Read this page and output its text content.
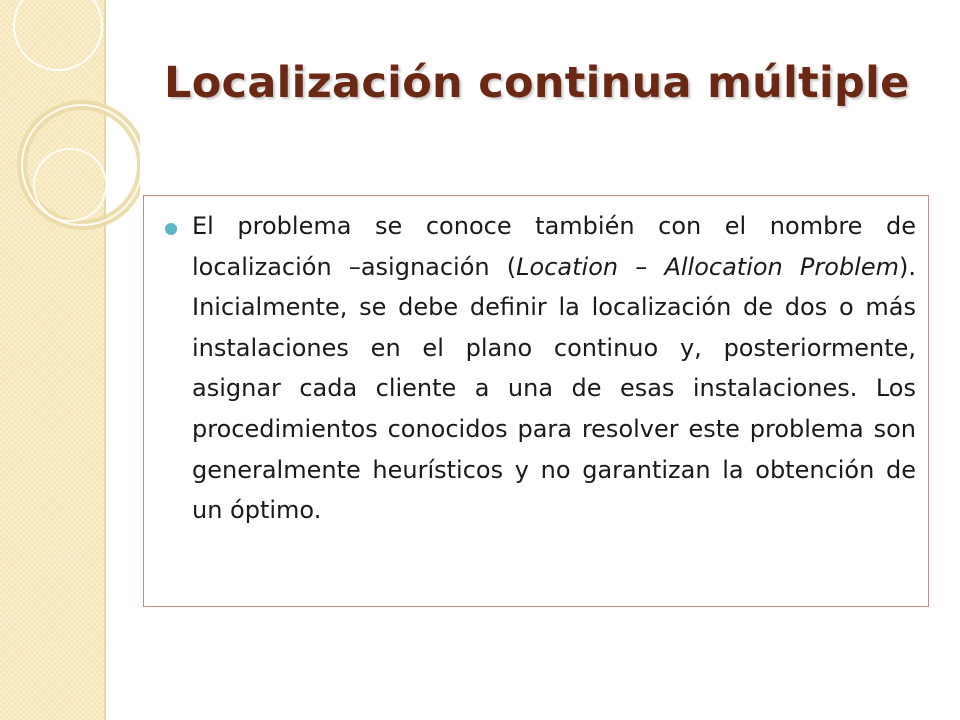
Localización continua múltiple

El problema se conoce también con el nombre de localización –asignación (Location – Allocation Problem). Inicialmente, se debe definir la localización de dos o más instalaciones en el plano continuo y, posteriormente, asignar cada cliente a una de esas instalaciones. Los procedimientos conocidos para resolver este problema son generalmente heurísticos y no garantizan la obtención de un óptimo.
